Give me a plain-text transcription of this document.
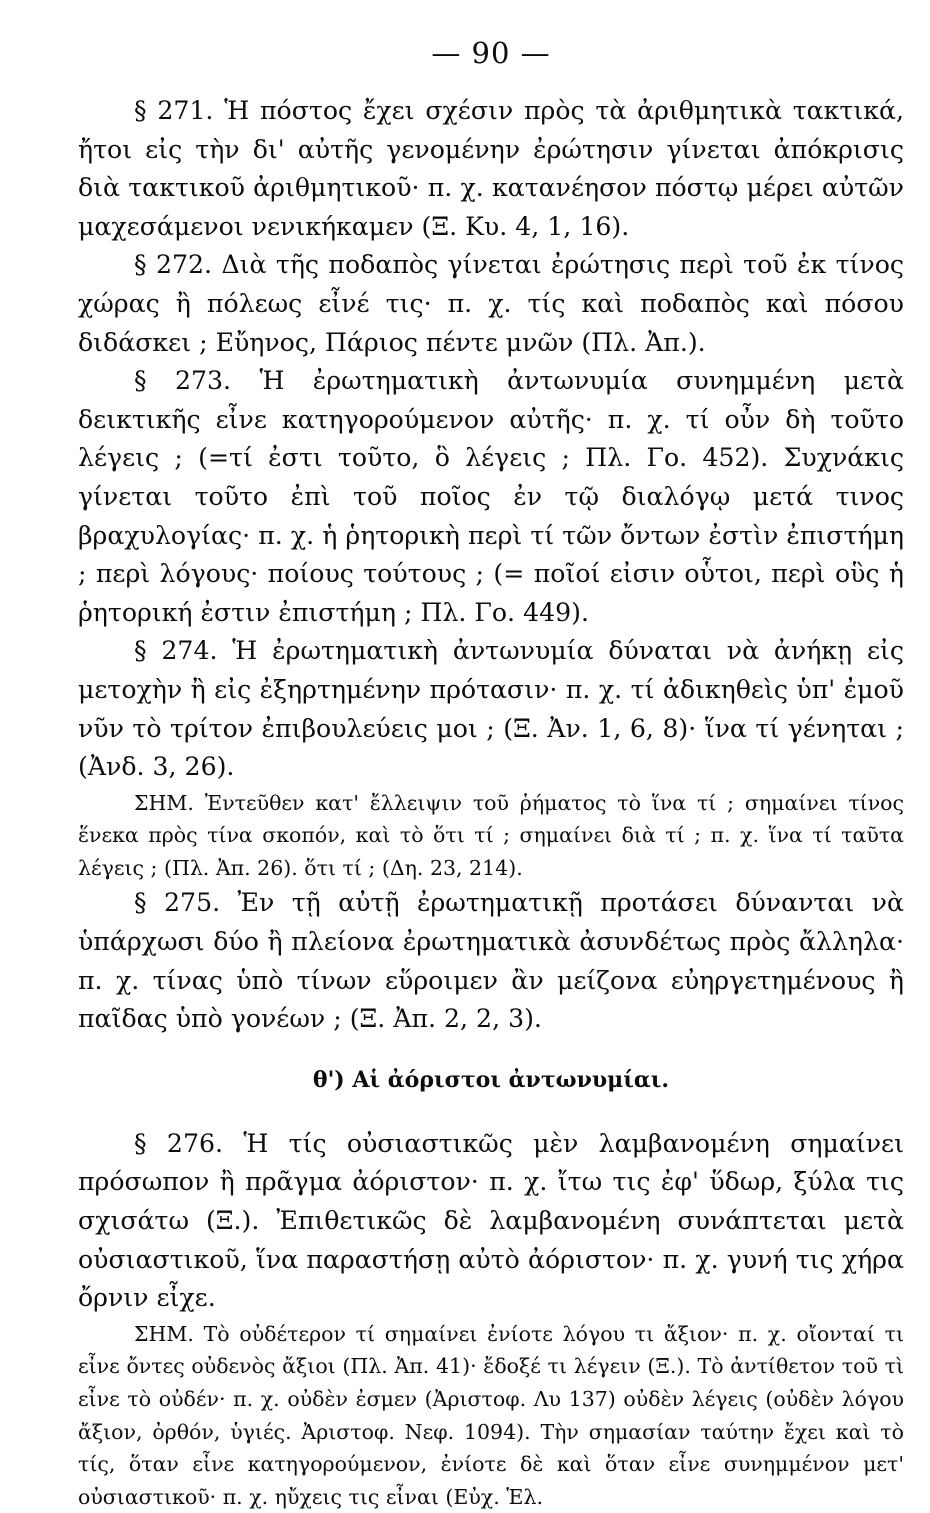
— 90 —

§ 271. Ἡ πόστος ἔχει σχέσιν πρὸς τὰ ἀριθμητικὰ τακτικά, ἤτοι εἰς τὴν δι' αὐτῆς γενομένην ἐρώτησιν γίνεται ἀπόκρισις διὰ τακτικοῦ ἀριθμητικοῦ· π. χ. κατανέησον πόστῳ μέρει αὐτῶν μαχεσάμενοι νενικήκαμεν (Ξ. Κυ. 4, 1, 16).

§ 272. Διὰ τῆς ποδαπὸς γίνεται ἐρώτησις περὶ τοῦ ἐκ τίνος χώρας ἢ πόλεως εἶνέ τις· π. χ. τίς καὶ ποδαπὸς καὶ πόσου διδάσκει ; Εὔηνος, Πάριος πέντε μνῶν (Πλ. Ἀπ.).

§ 273. Ἡ ἐρωτηματικὴ ἀντωνυμία συνημμένη μετὰ δεικτικῆς εἶνε κατηγορούμενον αὐτῆς· π. χ. τί οὖν δὴ τοῦτο λέγεις ; (=τί ἐστι τοῦτο, ὃ λέγεις ; Πλ. Γο. 452). Συχνάκις γίνεται τοῦτο ἐπὶ τοῦ ποῖος ἐν τῷ διαλόγῳ μετά τινος βραχυλογίας· π. χ. ἡ ῥητορικὴ περὶ τί τῶν ὄντων ἐστὶν ἐπιστήμη ; περὶ λόγους· ποίους τούτους ; (= ποῖοί εἰσιν οὗτοι, περὶ οὓς ἡ ῥητορική ἐστιν ἐπιστήμη ; Πλ. Γο. 449).

§ 274. Ἡ ἐρωτηματικὴ ἀντωνυμία δύναται νὰ ἀνήκῃ εἰς μετοχὴν ἢ εἰς ἐξηρτημένην πρότασιν· π. χ. τί ἀδικηθεὶς ὑπ' ἐμοῦ νῦν τὸ τρίτον ἐπιβουλεύεις μοι ; (Ξ. Ἀν. 1, 6, 8)· ἵνα τί γένηται ; (Ἀνδ. 3, 26).

ΣΗΜ. Ἐντεῦθεν κατ' ἔλλειψιν τοῦ ῥήματος τὸ ἵνα τί ; σημαίνει τίνος ἕνεκα πρὸς τίνα σκοπόν, καὶ τὸ ὅτι τί ; σημαίνει διὰ τί ; π. χ. ἵνα τί ταῦτα λέγεις ; (Πλ. Ἀπ. 26). ὅτι τί ; (Δη. 23, 214).

§ 275. Ἐν τῇ αὐτῇ ἐρωτηματικῇ προτάσει δύνανται νὰ ὑπάρχωσι δύο ἢ πλείονα ἐρωτηματικὰ ἀσυνδέτως πρὸς ἄλληλα· π. χ. τίνας ὑπὸ τίνων εὕροιμεν ἂν μείζονα εὐηργετημένους ἢ παῖδας ὑπὸ γονέων ; (Ξ. Ἀπ. 2, 2, 3).

θ') Αἱ ἀόριστοι ἀντωνυμίαι.

§ 276. Ἡ τίς οὐσιαστικῶς μὲν λαμβανομένη σημαίνει πρόσωπον ἢ πρᾶγμα ἀόριστον· π. χ. ἴτω τις ἐφ' ὕδωρ, ξύλα τις σχισάτω (Ξ.). Ἐπιθετικῶς δὲ λαμβανομένη συνάπτεται μετὰ οὐσιαστικοῦ, ἵνα παραστήσῃ αὐτὸ ἀόριστον· π. χ. γυνή τις χήρα ὄρνιν εἶχε.

ΣΗΜ. Τὸ οὐδέτερον τί σημαίνει ἐνίοτε λόγου τι ἄξιον· π. χ. οἴονταί τι εἶνε ὄντες οὐδενὸς ἄξιοι (Πλ. Ἀπ. 41)· ἔδοξέ τι λέγειν (Ξ.). Τὸ ἀντίθετον τοῦ τὶ εἶνε τὸ οὐδέν· π. χ. οὐδὲν ἐσμεν (Ἀριστοφ. Λυ 137) οὐδὲν λέγεις (οὐδὲν λόγου ἄξιον, ὀρθόν, ὑγιές. Ἀριστοφ. Νεφ. 1094). Τὴν σημασίαν ταύτην ἔχει καὶ τὸ τίς, ὅταν εἶνε κατηγορούμενον, ἐνίοτε δὲ καὶ ὅταν εἶνε συνημμένον μετ' οὐσιαστικοῦ· π. χ. ηὔχεις τις εἶναι (Εὐχ. Ἑλ.
